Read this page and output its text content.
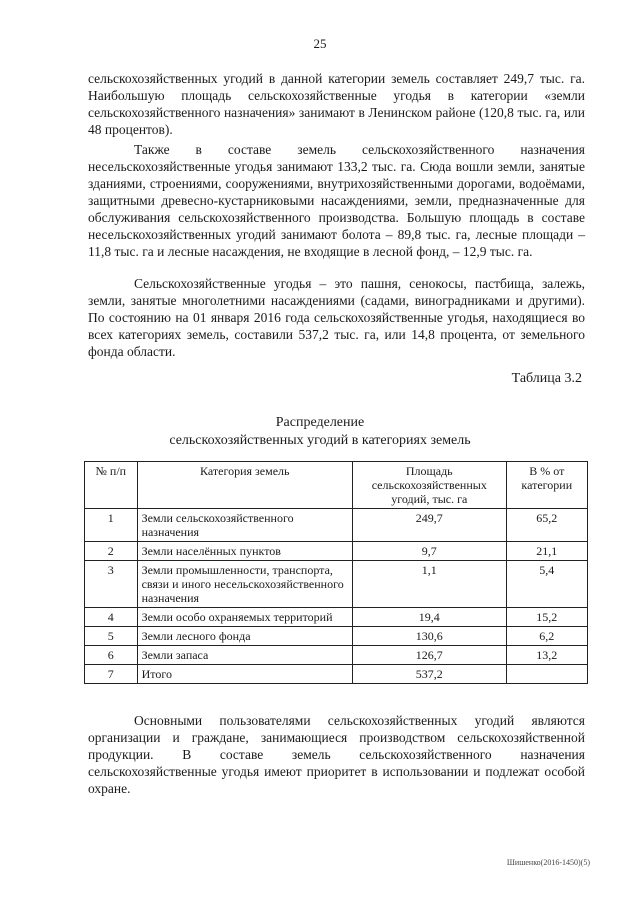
25

сельскохозяйственных угодий в данной категории земель составляет 249,7 тыс. га. Наибольшую площадь сельскохозяйственные угодья в категории «земли сельскохозяйственного назначения» занимают в Ленинском районе (120,8 тыс. га, или 48 процентов).

Также в составе земель сельскохозяйственного назначения несельскохозяйственные угодья занимают 133,2 тыс. га. Сюда вошли земли, занятые зданиями, строениями, сооружениями, внутрихозяйственными дорогами, водоёмами, защитными древесно-кустарниковыми насаждениями, земли, предназначенные для обслуживания сельскохозяйственного производства. Большую площадь в составе несельскохозяйственных угодий занимают болота – 89,8 тыс. га, лесные площади – 11,8 тыс. га и лесные насаждения, не входящие в лесной фонд, – 12,9 тыс. га.

Сельскохозяйственные угодья – это пашня, сенокосы, пастбища, залежь, земли, занятые многолетними насаждениями (садами, виноградниками и другими). По состоянию на 01 января 2016 года сельскохозяйственные угодья, находящиеся во всех категориях земель, составили 537,2 тыс. га, или 14,8 процента, от земельного фонда области.

Таблица 3.2
Распределение
сельскохозяйственных угодий в категориях земель
№ п/п	Категория земель	Площадь сельскохозяйственных угодий, тыс. га	В % от категории
1	Земли сельскохозяйственного назначения	249,7	65,2
2	Земли населённых пунктов	9,7	21,1
3	Земли промышленности, транспорта, связи и иного несельскохозяйственного назначения	1,1	5,4
4	Земли особо охраняемых территорий	19,4	15,2
5	Земли лесного фонда	130,6	6,2
6	Земли запаса	126,7	13,2
7	Итого	537,2	

Основными пользователями сельскохозяйственных угодий являются организации и граждане, занимающиеся производством сельскохозяйственной продукции. В составе земель сельскохозяйственного назначения сельскохозяйственные угодья имеют приоритет в использовании и подлежат особой охране.

Шишенко(2016-1450)(5)
